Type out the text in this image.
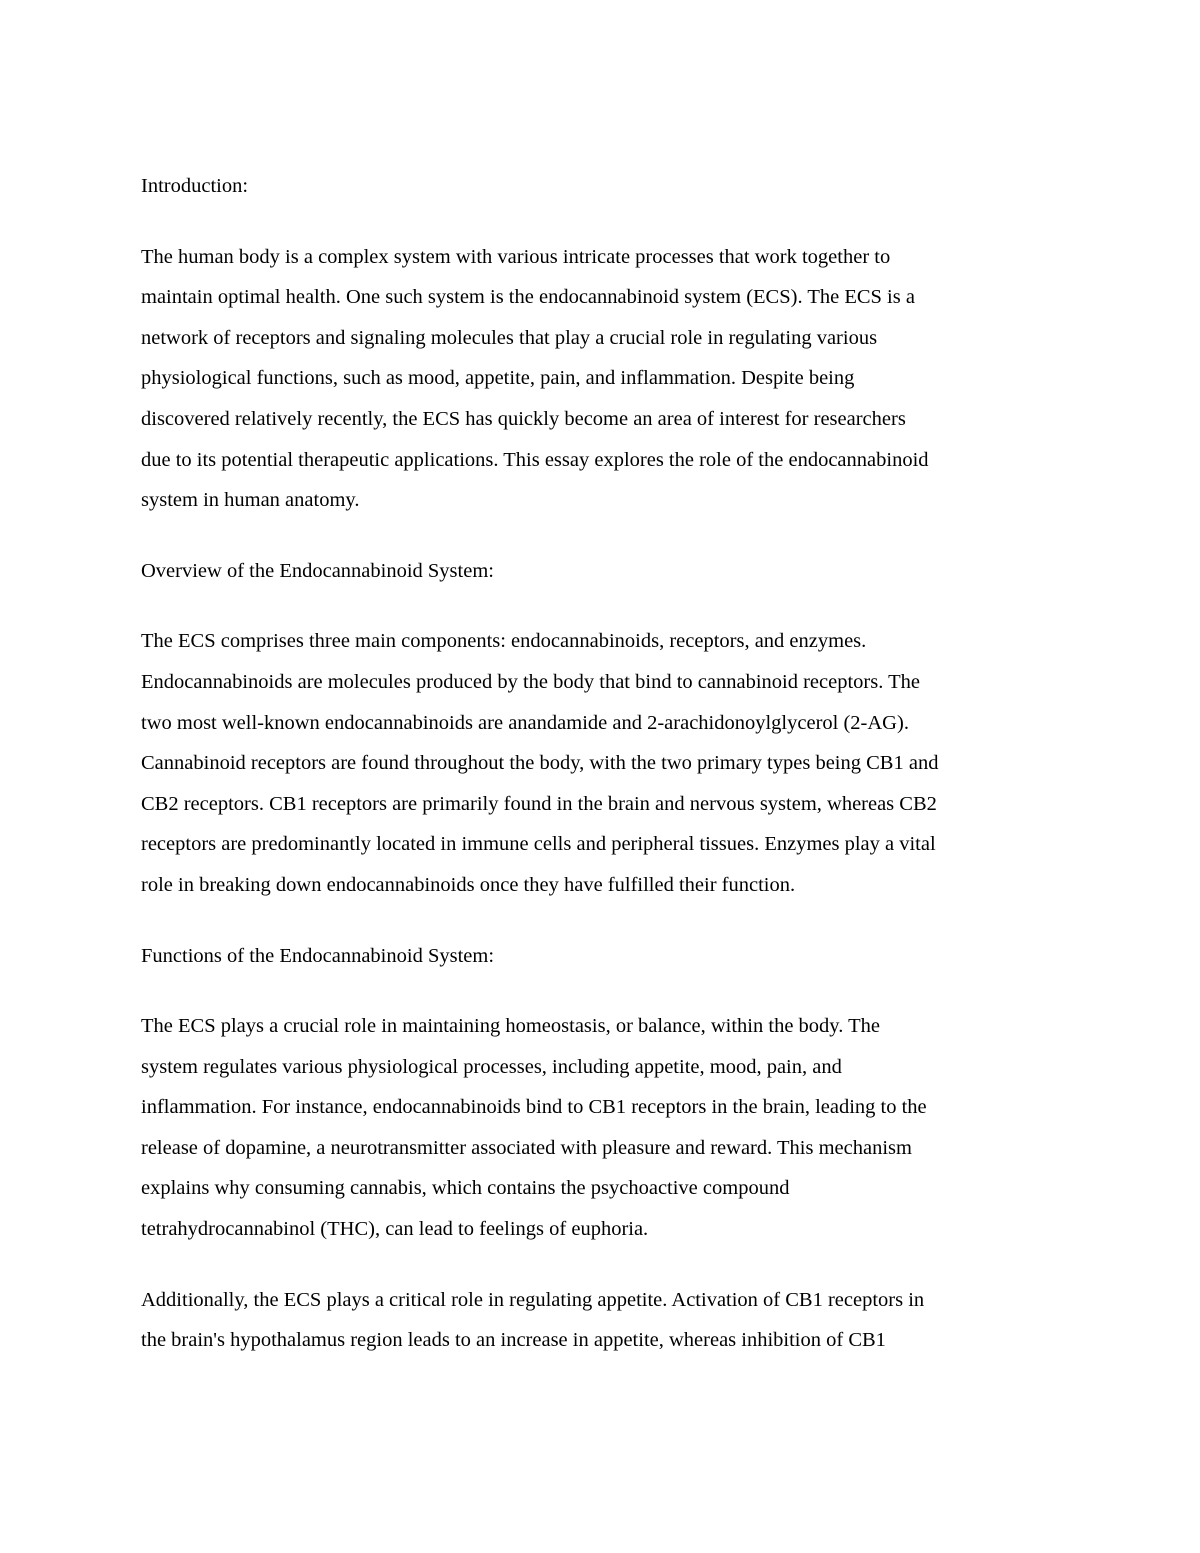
Introduction:
The human body is a complex system with various intricate processes that work together to
maintain optimal health. One such system is the endocannabinoid system (ECS). The ECS is a
network of receptors and signaling molecules that play a crucial role in regulating various
physiological functions, such as mood, appetite, pain, and inflammation. Despite being
discovered relatively recently, the ECS has quickly become an area of interest for researchers
due to its potential therapeutic applications. This essay explores the role of the endocannabinoid
system in human anatomy.
Overview of the Endocannabinoid System:
The ECS comprises three main components: endocannabinoids, receptors, and enzymes.
Endocannabinoids are molecules produced by the body that bind to cannabinoid receptors. The
two most well-known endocannabinoids are anandamide and 2-arachidonoylglycerol (2-AG).
Cannabinoid receptors are found throughout the body, with the two primary types being CB1 and
CB2 receptors. CB1 receptors are primarily found in the brain and nervous system, whereas CB2
receptors are predominantly located in immune cells and peripheral tissues. Enzymes play a vital
role in breaking down endocannabinoids once they have fulfilled their function.
Functions of the Endocannabinoid System:
The ECS plays a crucial role in maintaining homeostasis, or balance, within the body. The
system regulates various physiological processes, including appetite, mood, pain, and
inflammation. For instance, endocannabinoids bind to CB1 receptors in the brain, leading to the
release of dopamine, a neurotransmitter associated with pleasure and reward. This mechanism
explains why consuming cannabis, which contains the psychoactive compound
tetrahydrocannabinol (THC), can lead to feelings of euphoria.
Additionally, the ECS plays a critical role in regulating appetite. Activation of CB1 receptors in
the brain's hypothalamus region leads to an increase in appetite, whereas inhibition of CB1
